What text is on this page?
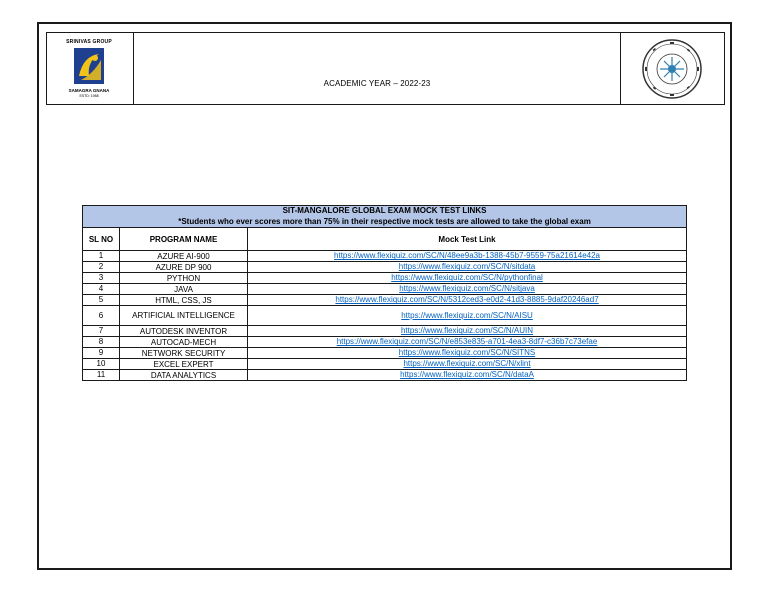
SRINIVAS GROUP
SAMAGRA GNANA
ESTD: 1988
ACADEMIC YEAR – 2022-23
SIT-MANGALORE GLOBAL EXAM MOCK TEST LINKS		
*Students who ever scores more than 75% in their respective mock tests are allowed to take the global exam		
SL NO	PROGRAM NAME	Mock Test Link
1	AZURE AI-900	https://www.flexiquiz.com/SC/N/48ee9a3b-1388-45b7-9559-75a21614e42a
2	AZURE DP 900	https://www.flexiquiz.com/SC/N/sitdata
3	PYTHON	https://www.flexiquiz.com/SC/N/pythonfinal
4	JAVA	https://www.flexiquiz.com/SC/N/sitjava
5	HTML, CSS, JS	https://www.flexiquiz.com/SC/N/5312ced3-e0d2-41d3-8885-9daf20246ad7
6	ARTIFICIAL INTELLIGENCE	https://www.flexiquiz.com/SC/N/AISU
7	AUTODESK INVENTOR	https://www.flexiquiz.com/SC/N/AUIN
8	AUTOCAD-MECH	https://www.flexiquiz.com/SC/N/e853e835-a701-4ea3-8df7-c36b7c73efae
9	NETWORK SECURITY	https://www.flexiquiz.com/SC/N/SITNS
10	EXCEL EXPERT	https://www.flexiquiz.com/SC/N/xlint
11	DATA ANALYTICS	https://www.flexiquiz.com/SC/N/dataA
